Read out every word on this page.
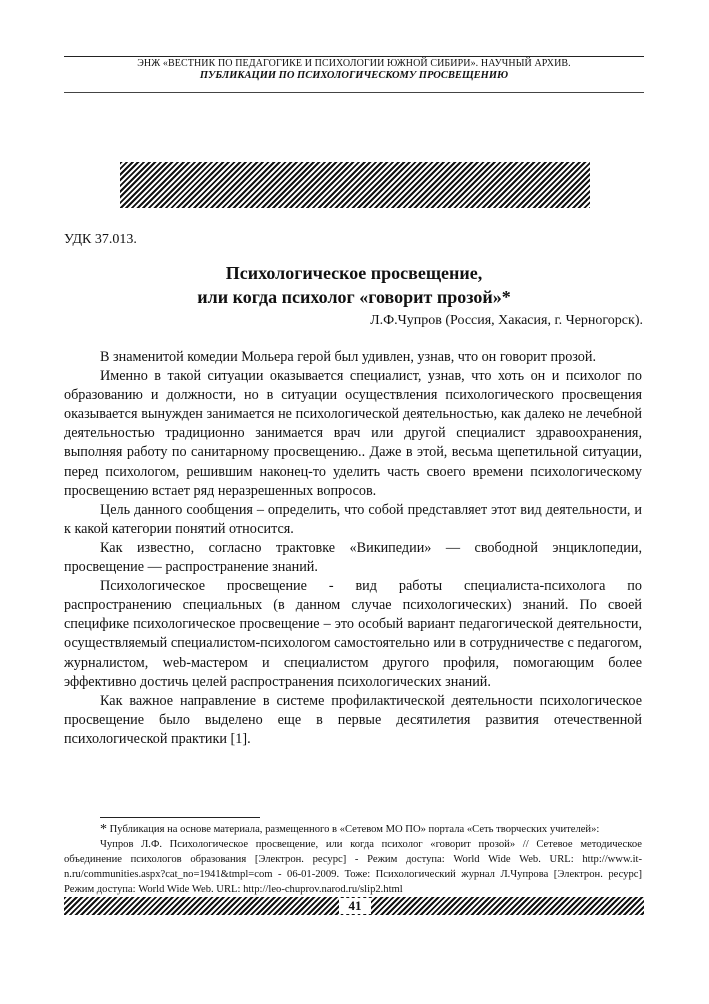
ЭНЖ «ВЕСТНИК ПО ПЕДАГОГИКЕ И ПСИХОЛОГИИ ЮЖНОЙ СИБИРИ». НАУЧНЫЙ АРХИВ.
ПУБЛИКАЦИИ ПО ПСИХОЛОГИЧЕСКОМУ ПРОСВЕЩЕНИЮ
УДК 37.013.
Психологическое просвещение,
или когда психолог «говорит прозой»*
Л.Ф.Чупров (Россия, Хакасия, г. Черногорск).

В знаменитой комедии Мольера герой был удивлен, узнав, что он говорит прозой.

Именно в такой ситуации оказывается специалист, узнав, что хоть он и психолог по образованию и должности, но в ситуации осуществления психологического просвещения оказывается вынужден занимается не психологической деятельностью, как далеко не лечебной деятельностью традиционно занимается врач или другой специалист здравоохранения, выполняя работу по санитарному просвещению.. Даже в этой, весьма щепетильной ситуации, перед психологом, решившим наконец-то уделить часть своего времени психологическому просвещению встает ряд неразрешенных вопросов.

Цель данного сообщения – определить, что собой представляет этот вид деятельности, и к какой категории понятий относится.

Как известно, согласно трактовке «Википедии» — свободной энциклопедии, просвещение — распространение знаний.

Психологическое просвещение - вид работы специалиста-психолога по распространению специальных (в данном случае психологических) знаний. По своей специфике психологическое просвещение – это особый вариант педагогической деятельности, осуществляемый специалистом-психологом самостоятельно или в сотрудничестве с педагогом, журналистом, web-мастером и специалистом другого профиля, помогающим более эффективно достичь целей распространения психологических знаний.

Как важное направление в системе профилактической деятельности психологическое просвещение было выделено еще в первые десятилетия развития отечественной психологической практики [1].

* Публикация на основе материала, размещенного в «Сетевом МО ПО» портала «Сеть творческих учителей»:

Чупров Л.Ф. Психологическое просвещение, или когда психолог «говорит прозой» // Сетевое методическое объединение психологов образования [Электрон. ресурс] - Режим доступа: World Wide Web. URL: http://www.it-n.ru/communities.aspx?cat_no=1941&tmpl=com - 06-01-2009. Тоже: Психологический журнал Л.Чупрова [Электрон. ресурс] Режим доступа: World Wide Web. URL: http://leo-chuprov.narod.ru/slip2.html

41
